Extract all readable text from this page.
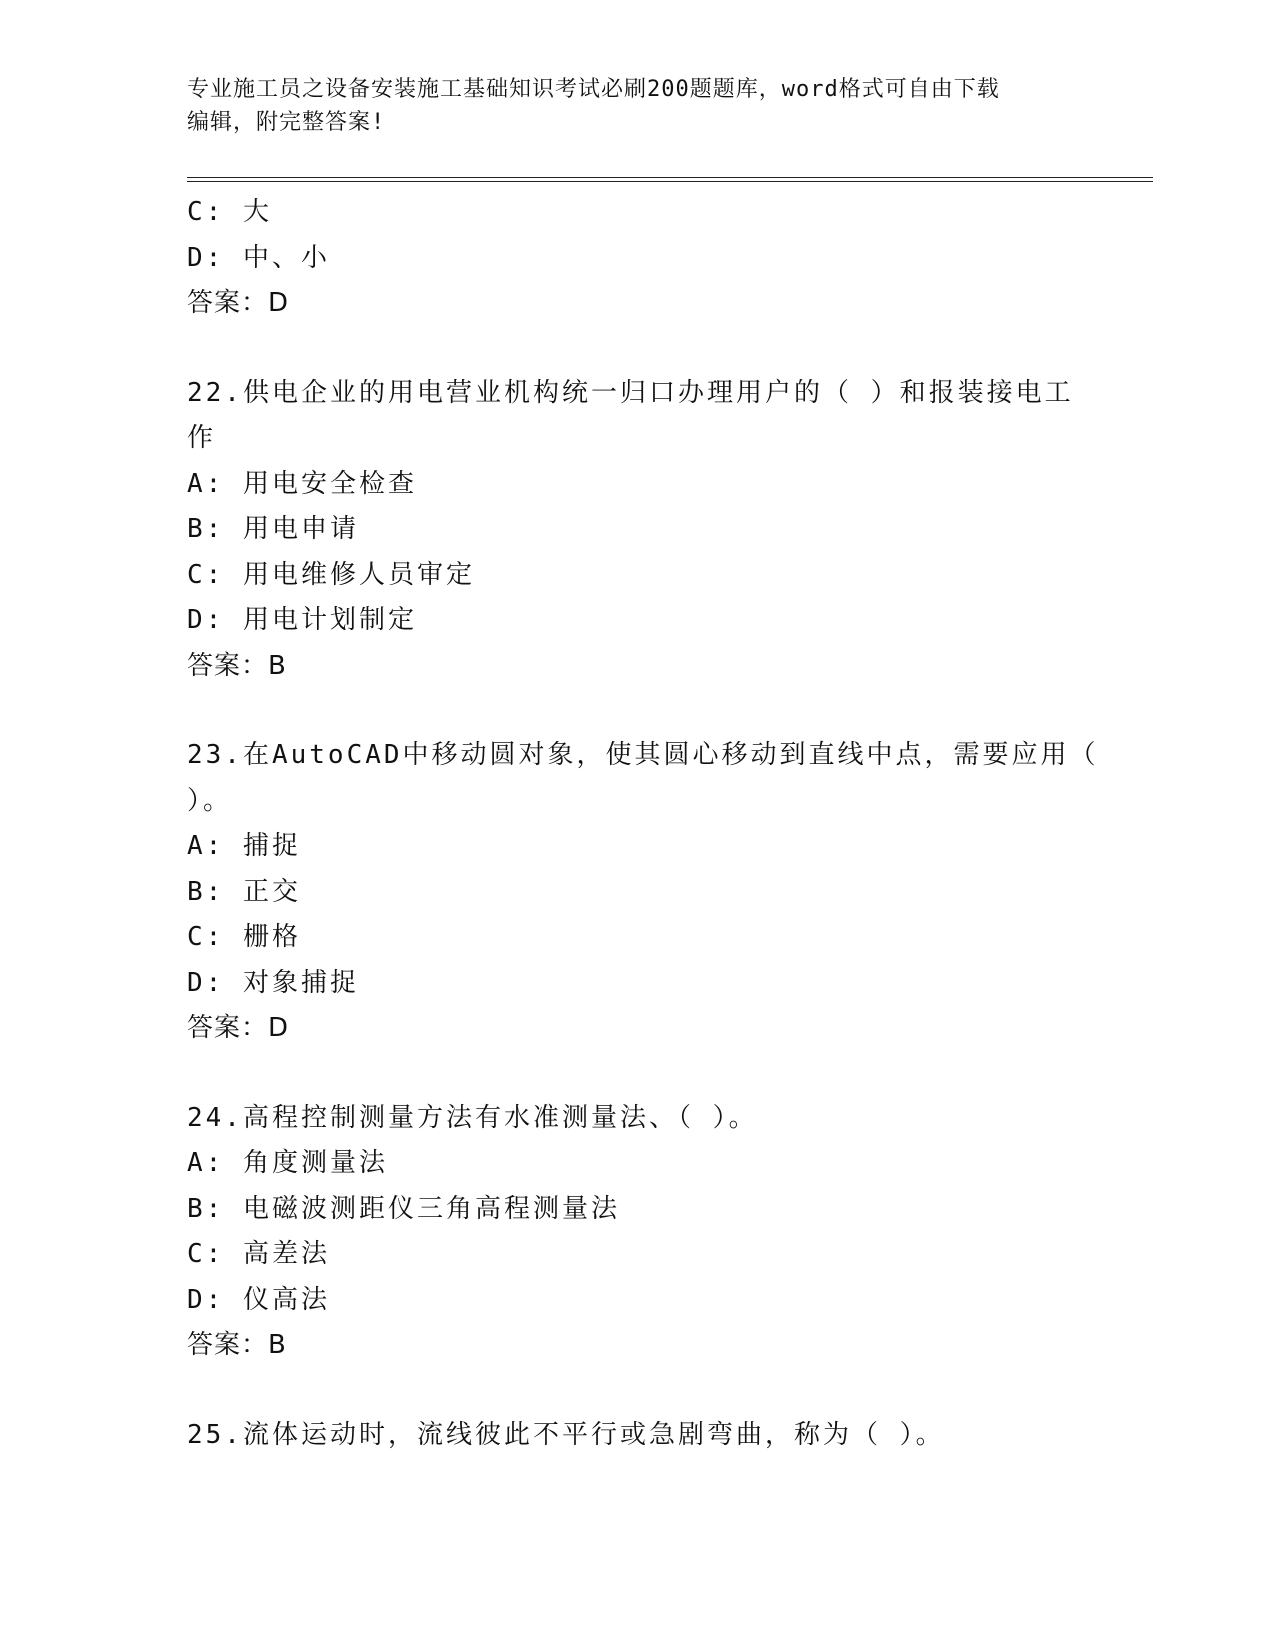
专业施工员之设备安装施工基础知识考试必刷200题题库，word格式可自由下载
编辑，附完整答案!
C: 大
D: 中、小
答案：D
22.供电企业的用电营业机构统一归口办理用户的（ ）和报装接电工
作
A: 用电安全检查
B: 用电申请
C: 用电维修人员审定
D: 用电计划制定
答案：B
23.在AutoCAD中移动圆对象，使其圆心移动到直线中点，需要应用（
）。
A: 捕捉
B: 正交
C: 栅格
D: 对象捕捉
答案：D
24.高程控制测量方法有水准测量法、（ ）。
A: 角度测量法
B: 电磁波测距仪三角高程测量法
C: 高差法
D: 仪高法
答案：B
25.流体运动时，流线彼此不平行或急剧弯曲，称为（ ）。
